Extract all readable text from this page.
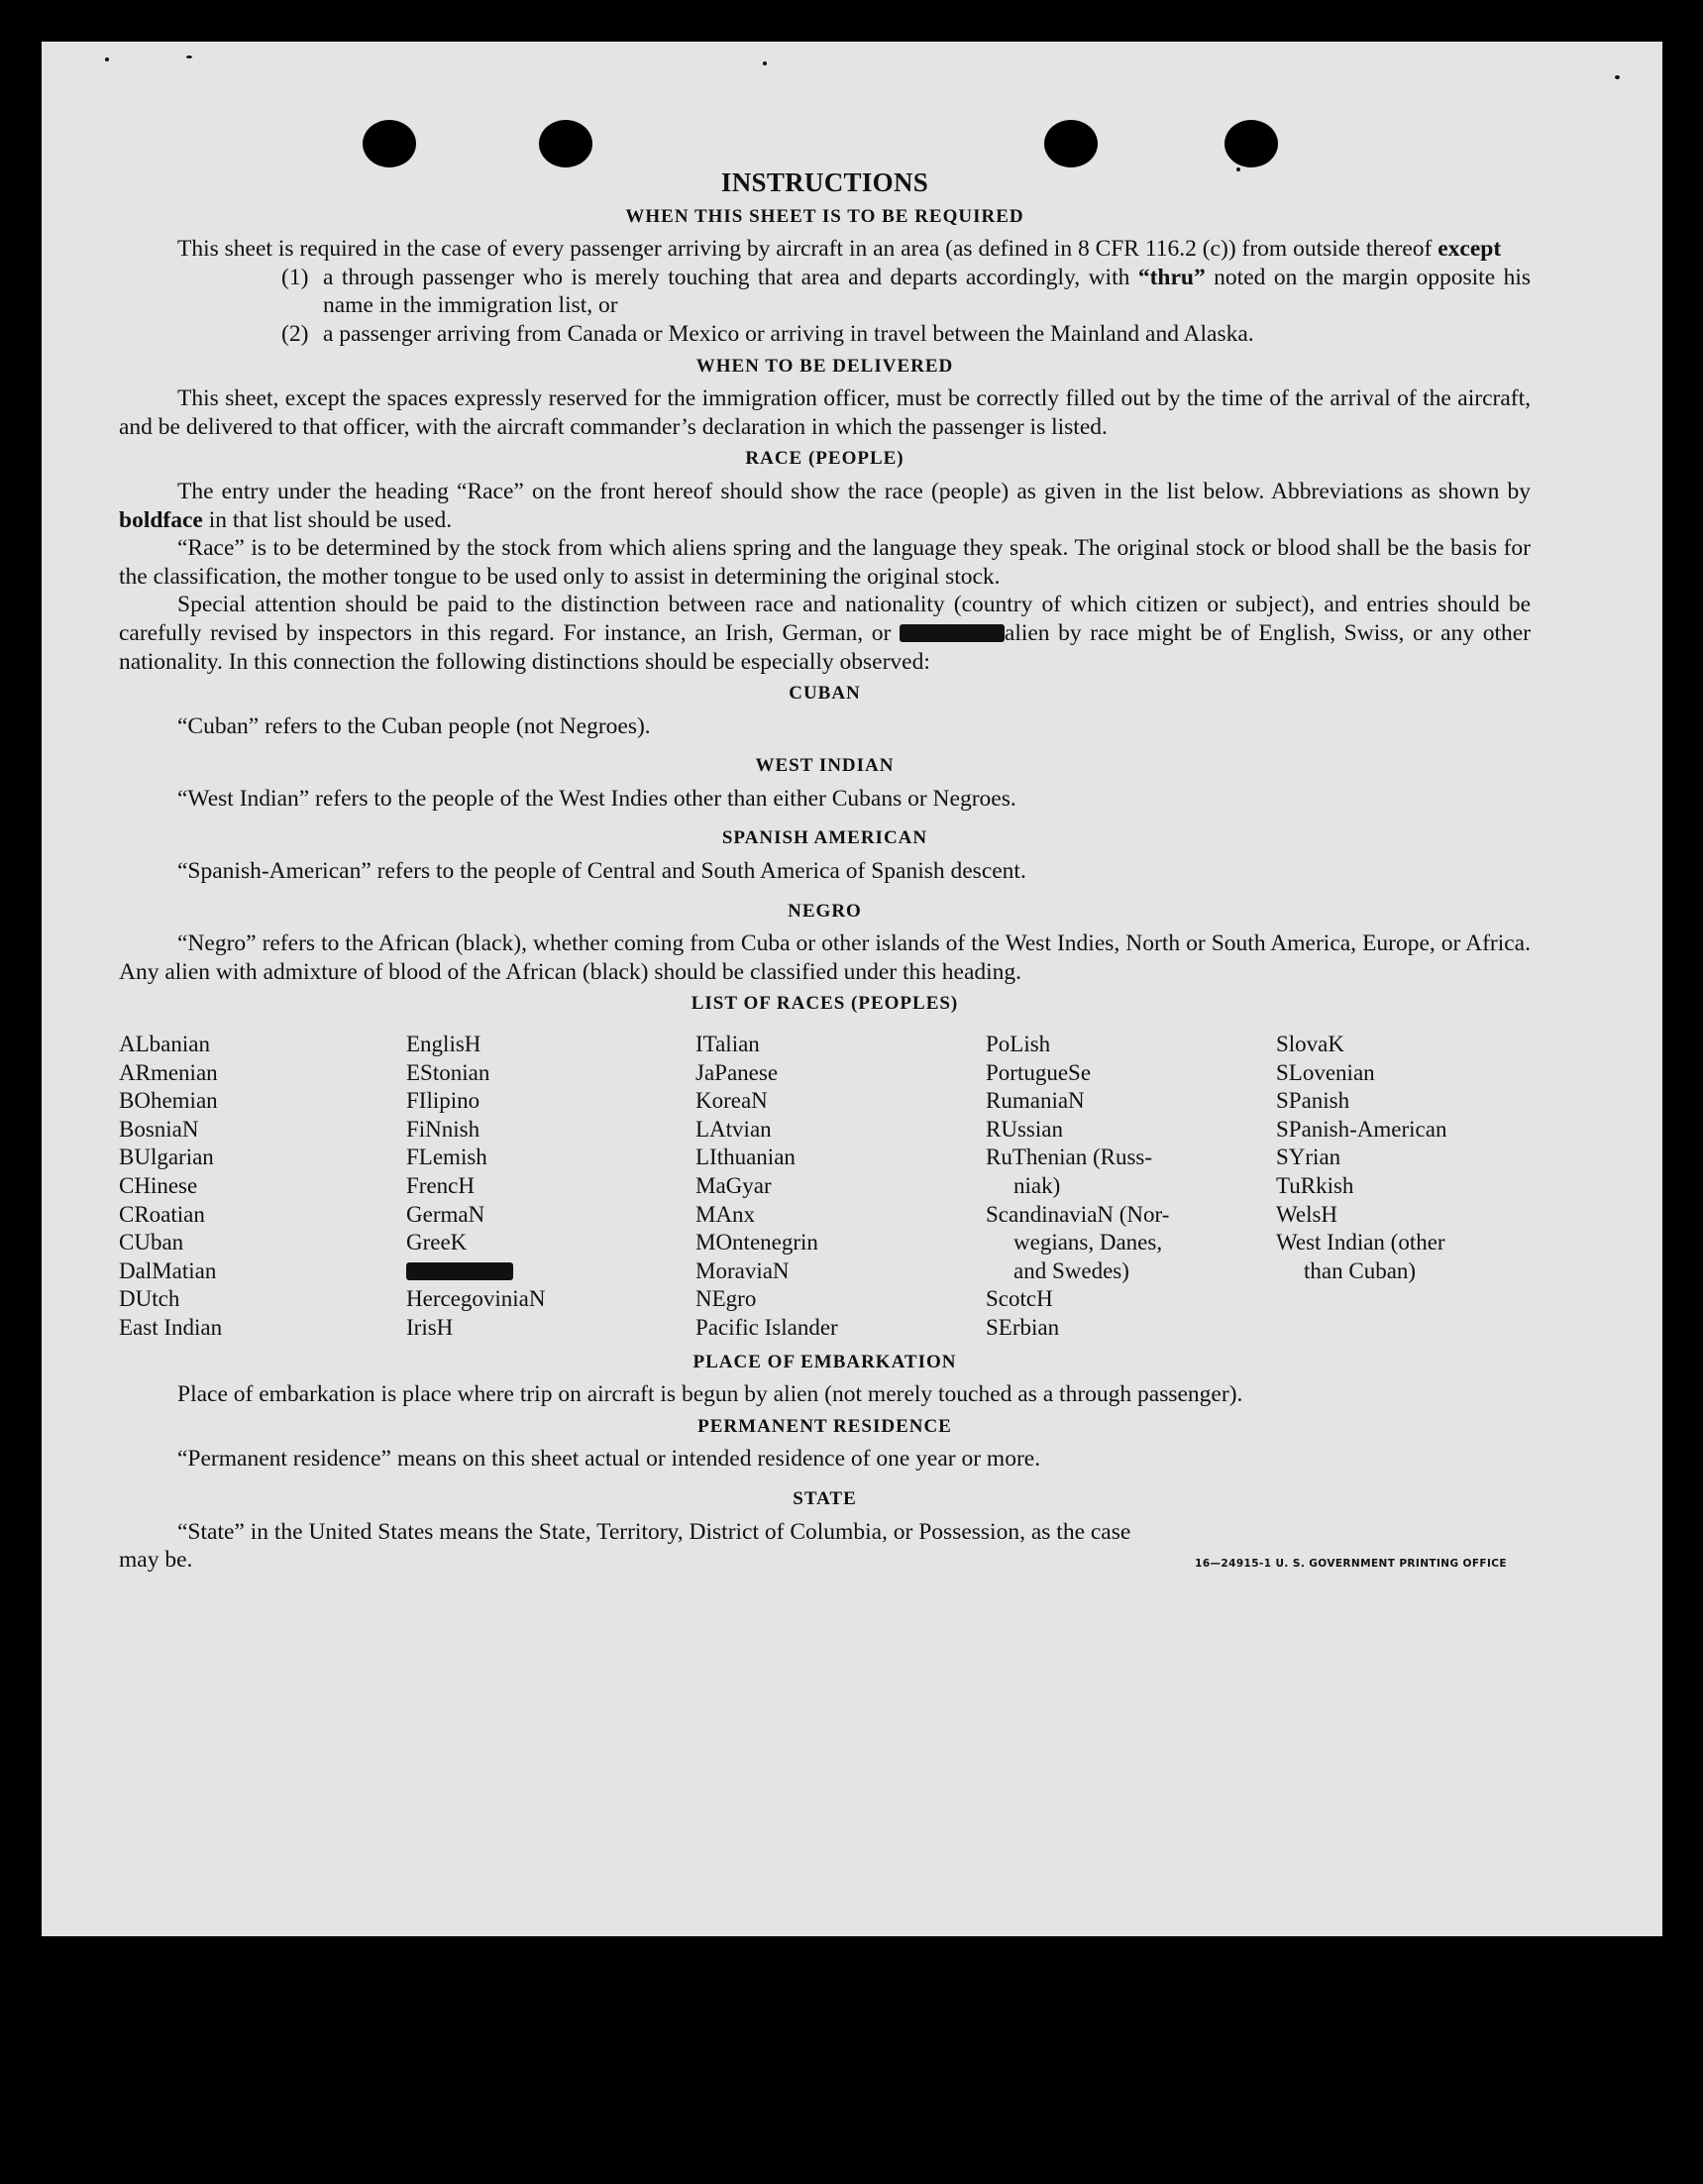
INSTRUCTIONS
WHEN THIS SHEET IS TO BE REQUIRED

This sheet is required in the case of every passenger arriving by aircraft in an area (as defined in 8 CFR 116.2 (c)) from outside thereof except

(1) a through passenger who is merely touching that area and departs accordingly, with “thru” noted on the margin opposite his name in the immigration list, or

(2) a passenger arriving from Canada or Mexico or arriving in travel between the Mainland and Alaska.

WHEN TO BE DELIVERED

This sheet, except the spaces expressly reserved for the immigration officer, must be correctly filled out by the time of the arrival of the aircraft, and be delivered to that officer, with the aircraft commander’s declaration in which the passenger is listed.

RACE (PEOPLE)

The entry under the heading “Race” on the front hereof should show the race (people) as given in the list below. Abbreviations as shown by boldface in that list should be used.

“Race” is to be determined by the stock from which aliens spring and the language they speak. The original stock or blood shall be the basis for the classification, the mother tongue to be used only to assist in determining the original stock.

Special attention should be paid to the distinction between race and nationality (country of which citizen or subject), and entries should be carefully revised by inspectors in this regard. For instance, an Irish, German, or	alien by race might be of English, Swiss, or any other nationality. In this connection the following distinctions should be especially observed:

CUBAN

“Cuban” refers to the Cuban people (not Negroes).

WEST INDIAN

“West Indian” refers to the people of the West Indies other than either Cubans or Negroes.

SPANISH AMERICAN

“Spanish-American” refers to the people of Central and South America of Spanish descent.

NEGRO

“Negro” refers to the African (black), whether coming from Cuba or other islands of the West Indies, North or South America, Europe, or Africa. Any alien with admixture of blood of the African (black) should be classified under this heading.

LIST OF RACES (PEOPLES)
ALbanian
ARmenian
BOhemian
BosniaN
BUlgarian
CHinese
CRoatian
CUban
DalMatian
DUtch
East Indian
EnglisH
EStonian
FIlipino
FiNnish
FLemish
FrencH
GermaN
GreeK
HercegoviniaN
IrisH
ITalian
JaPanese
KoreaN
LAtvian
LIthuanian
MaGyar
MAnx
MOntenegrin
MoraviaN
NEgro
Pacific Islander
PoLish
PortugueSe
RumaniaN
RUssian
RuThenian (Russ-
niak)
ScandinaviaN (Nor-
wegians, Danes,
and Swedes)
ScotcH
SErbian
SlovaK
SLovenian
SPanish
SPanish-American
SYrian
TuRkish
WelsH
West Indian (other
than Cuban)
PLACE OF EMBARKATION

Place of embarkation is place where trip on aircraft is begun by alien (not merely touched as a through passenger).

PERMANENT RESIDENCE

“Permanent residence” means on this sheet actual or intended residence of one year or more.

STATE

“State” in the United States means the State, Territory, District of Columbia, or Possession, as the case

may be.	16—24915-1 U. S. GOVERNMENT PRINTING OFFICE
